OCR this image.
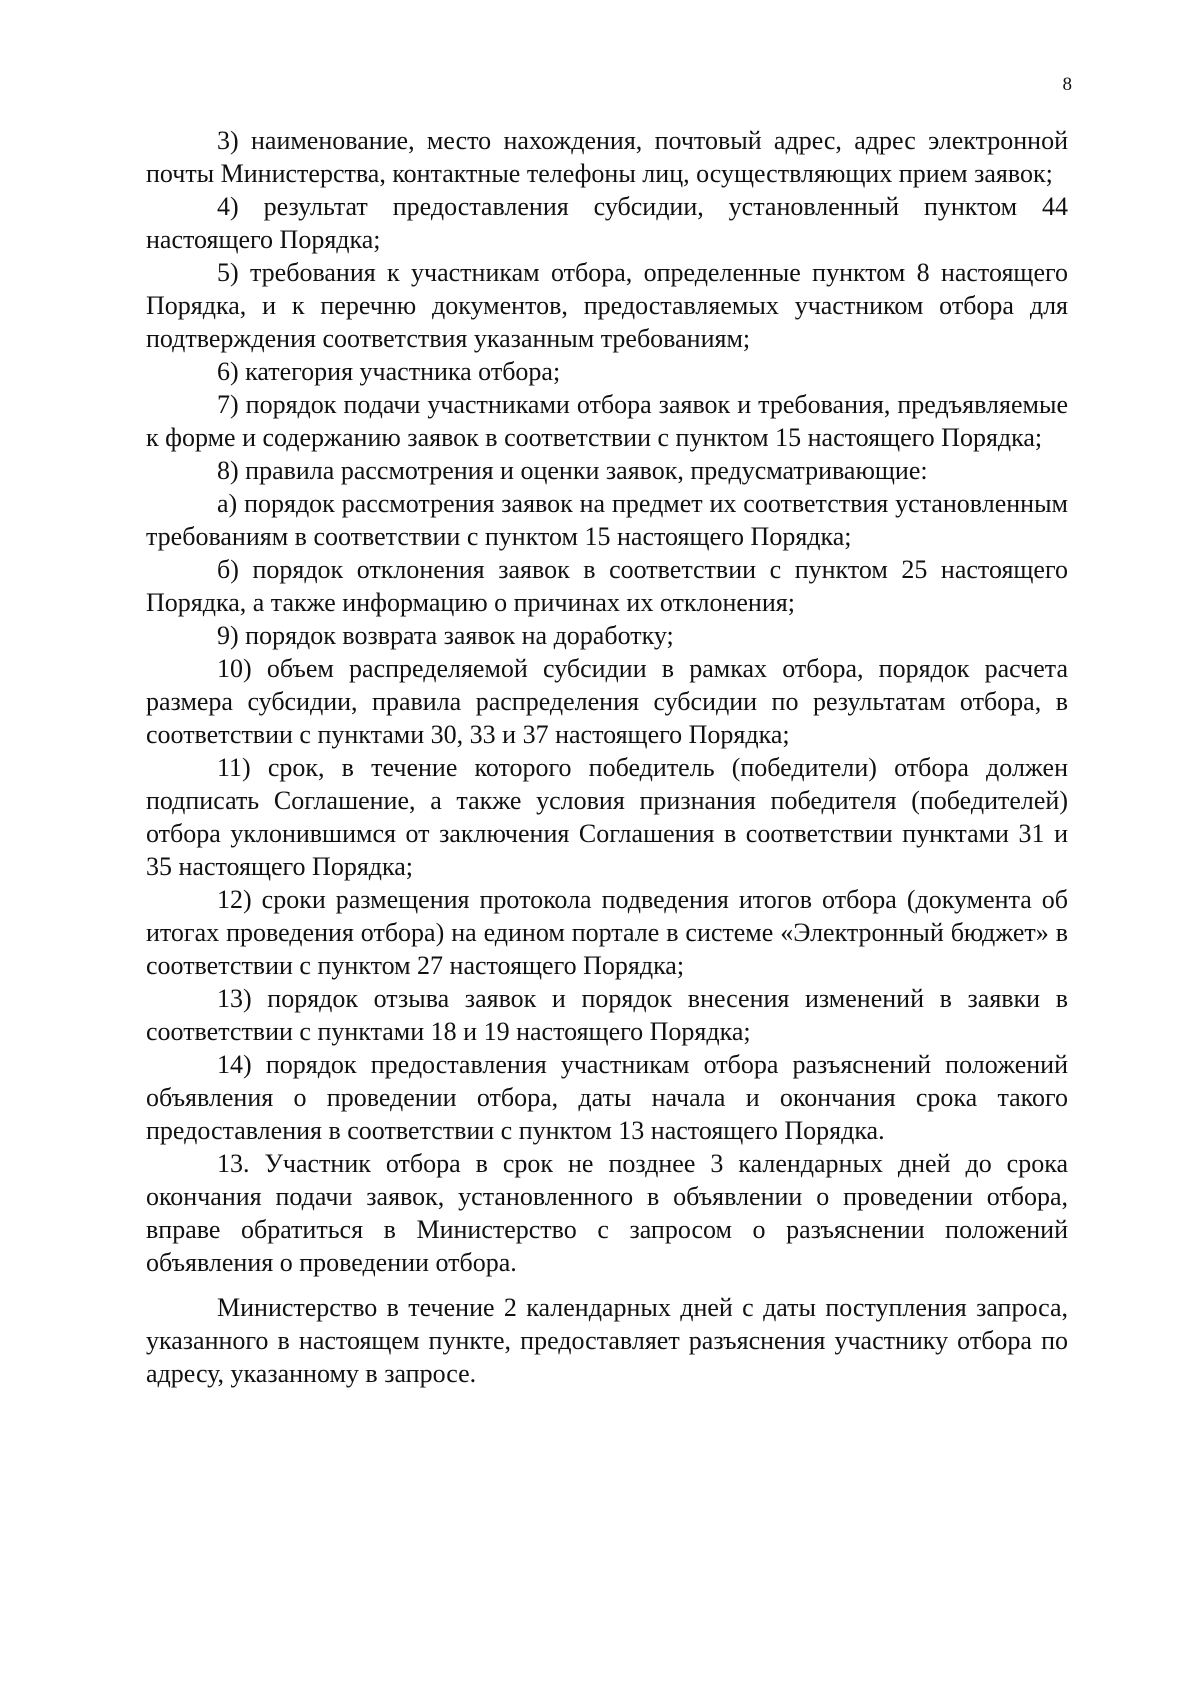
8

3) наименование, место нахождения, почтовый адрес, адрес электронной почты Министерства, контактные телефоны лиц, осуществляющих прием заявок;

4) результат предоставления субсидии, установленный пунктом 44 настоящего Порядка;

5) требования к участникам отбора, определенные пунктом 8 настоящего Порядка, и к перечню документов, предоставляемых участником отбора для подтверждения соответствия указанным требованиям;

6) категория участника отбора;

7) порядок подачи участниками отбора заявок и требования, предъявляемые к форме и содержанию заявок в соответствии с пунктом 15 настоящего Порядка;

8) правила рассмотрения и оценки заявок, предусматривающие:

а) порядок рассмотрения заявок на предмет их соответствия установленным требованиям в соответствии с пунктом 15 настоящего Порядка;

б) порядок отклонения заявок в соответствии с пунктом 25 настоящего Порядка, а также информацию о причинах их отклонения;

9) порядок возврата заявок на доработку;

10) объем распределяемой субсидии в рамках отбора, порядок расчета размера субсидии, правила распределения субсидии по результатам отбора, в соответствии с пунктами 30, 33 и 37 настоящего Порядка;

11) срок, в течение которого победитель (победители) отбора должен подписать Соглашение, а также условия признания победителя (победителей) отбора уклонившимся от заключения Соглашения в соответствии пунктами 31 и 35 настоящего Порядка;

12) сроки размещения протокола подведения итогов отбора (документа об итогах проведения отбора) на едином портале в системе «Электронный бюджет» в соответствии с пунктом 27 настоящего Порядка;

13) порядок отзыва заявок и порядок внесения изменений в заявки в соответствии с пунктами 18 и 19 настоящего Порядка;

14) порядок предоставления участникам отбора разъяснений положений объявления о проведении отбора, даты начала и окончания срока такого предоставления в соответствии с пунктом 13 настоящего Порядка.

13. Участник отбора в срок не позднее 3 календарных дней до срока окончания подачи заявок, установленного в объявлении о проведении отбора, вправе обратиться в Министерство с запросом о разъяснении положений объявления о проведении отбора.

Министерство в течение 2 календарных дней с даты поступления запроса, указанного в настоящем пункте, предоставляет разъяснения участнику отбора по адресу, указанному в запросе.
